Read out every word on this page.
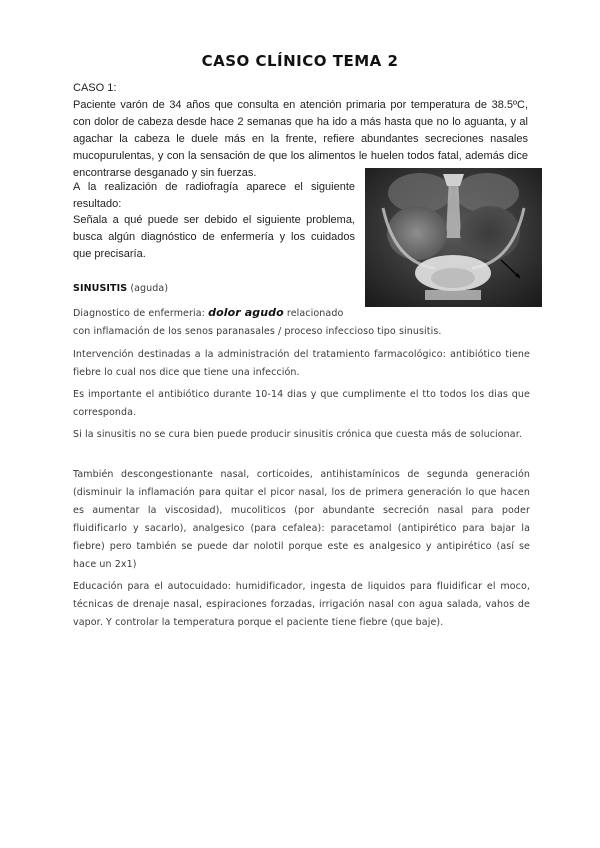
CASO CLÍNICO TEMA 2
CASO 1:

Paciente varón de 34 años que consulta en atención primaria por temperatura de 38.5ºC, con dolor de cabeza desde hace 2 semanas que ha ido a más hasta que no lo aguanta, y al agachar la cabeza le duele más en la frente, refiere abundantes secreciones nasales mucopurulentas, y con la sensación de que los alimentos le huelen todos fatal, además dice encontrarse desganado y sin fuerzas.

A la realización de radiofragía aparece el siguiente resultado:

Señala a qué puede ser debido el siguiente problema, busca algún diagnóstico de enfermería y los cuidados que precisaría.

SINUSITIS (aguda)

Diagnostico de enfermeria: dolor agudo relacionado
con inflamación de los senos paranasales / proceso infeccioso tipo sinusitis.

Intervención destinadas a la administración del tratamiento farmacológico: antibiótico tiene fiebre lo cual nos dice que tiene una infección.

Es importante el antibiótico durante 10-14 dias y que cumplimente el tto todos los dias que corresponda.

Si la sinusitis no se cura bien puede producir sinusitis crónica que cuesta más de solucionar.

También descongestionante nasal, corticoides, antihistamínicos de segunda generación (disminuir la inflamación para quitar el picor nasal, los de primera generación lo que hacen es aumentar la viscosidad), mucoliticos (por abundante secreción nasal para poder fluidificarlo y sacarlo), analgesico (para cefalea): paracetamol (antipirético para bajar la fiebre) pero también se puede dar nolotil porque este es analgesico y antipirético (así se hace un 2x1)

Educación para el autocuidado: humidificador, ingesta de liquidos para fluidificar el moco, técnicas de drenaje nasal, espiraciones forzadas, irrigación nasal con agua salada, vahos de vapor. Y controlar la temperatura porque el paciente tiene fiebre (que baje).
